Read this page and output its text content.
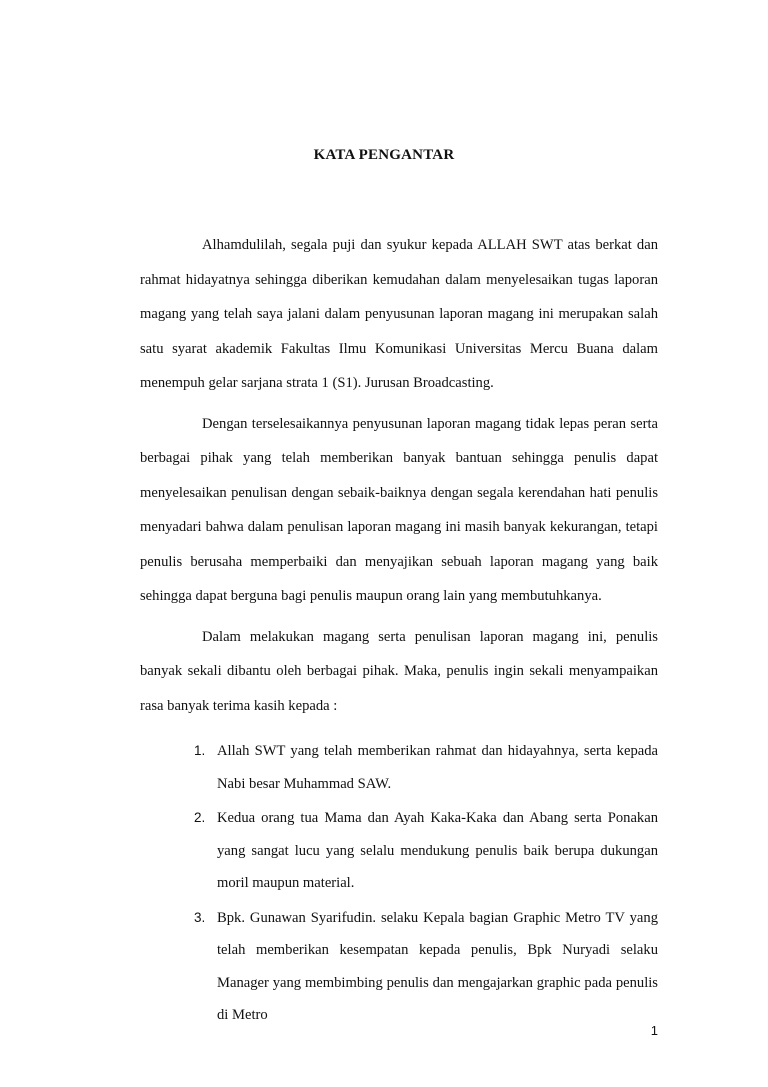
KATA PENGANTAR

Alhamdulilah, segala puji dan syukur kepada ALLAH SWT atas berkat dan rahmat hidayatnya sehingga diberikan kemudahan dalam menyelesaikan tugas laporan magang yang telah saya jalani dalam penyusunan laporan magang ini merupakan salah satu syarat akademik Fakultas Ilmu Komunikasi Universitas Mercu Buana dalam menempuh gelar sarjana strata 1 (S1). Jurusan Broadcasting.

Dengan terselesaikannya penyusunan laporan magang tidak lepas peran serta berbagai pihak yang telah memberikan banyak bantuan sehingga penulis dapat menyelesaikan penulisan dengan sebaik-baiknya dengan segala kerendahan hati penulis menyadari bahwa dalam penulisan laporan magang ini masih banyak kekurangan, tetapi penulis berusaha memperbaiki dan menyajikan sebuah laporan magang yang baik sehingga dapat berguna bagi penulis maupun orang lain yang membutuhkanya.

Dalam melakukan magang serta penulisan laporan magang ini, penulis banyak sekali dibantu oleh berbagai pihak. Maka, penulis ingin sekali menyampaikan rasa banyak terima kasih kepada :

1. Allah SWT yang telah memberikan rahmat dan hidayahnya, serta kepada Nabi besar Muhammad SAW.
2. Kedua orang tua Mama dan Ayah Kaka-Kaka dan Abang serta Ponakan yang sangat lucu yang selalu mendukung penulis baik berupa dukungan moril maupun material.
3. Bpk. Gunawan Syarifudin. selaku Kepala bagian Graphic Metro TV yang telah memberikan kesempatan kepada penulis, Bpk Nuryadi selaku Manager yang membimbing penulis dan mengajarkan graphic pada penulis di Metro
1
